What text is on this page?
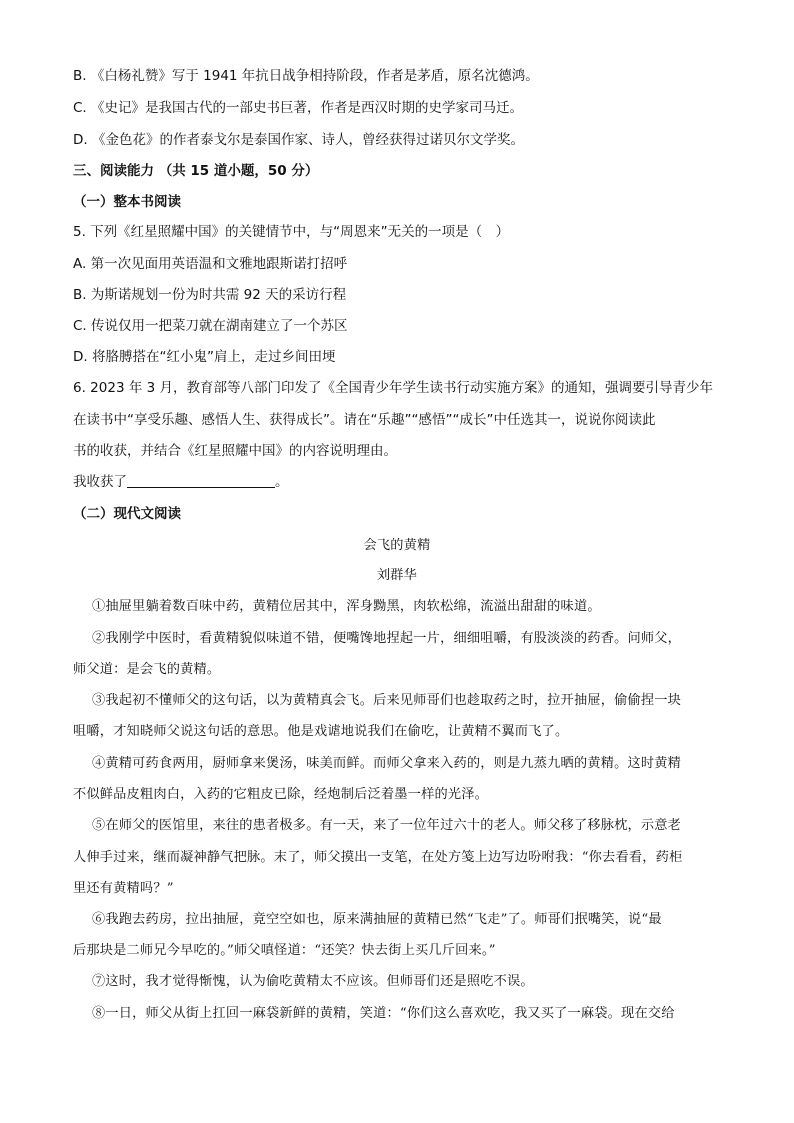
B. 《白杨礼赞》写于 1941 年抗日战争相持阶段，作者是茅盾，原名沈德鸿。
C. 《史记》是我国古代的一部史书巨著，作者是西汉时期的史学家司马迁。
D. 《金色花》的作者泰戈尔是泰国作家、诗人，曾经获得过诺贝尔文学奖。
三、阅读能力 （共 15 道小题，50 分）
（一）整本书阅读
5. 下列《红星照耀中国》的关键情节中，与“周恩来”无关的一项是（　）
A. 第一次见面用英语温和文雅地跟斯诺打招呼
B. 为斯诺规划一份为时共需 92 天的采访行程
C. 传说仅用一把菜刀就在湖南建立了一个苏区
D. 将胳膊搭在“红小鬼”肩上，走过乡间田埂
6. 2023 年 3 月，教育部等八部门印发了《全国青少年学生读书行动实施方案》的通知，强调要引导青少年
在读书中“享受乐趣、感悟人生、获得成长”。请在“乐趣”“感悟”“成长”中任选其一，说说你阅读此
书的收获，并结合《红星照耀中国》的内容说明理由。
我收获了	。
（二）现代文阅读
会飞的黄精
刘群华
①抽屉里躺着数百味中药，黄精位居其中，浑身黝黑，肉软松绵，流溢出甜甜的味道。
②我刚学中医时，看黄精貌似味道不错，便嘴馋地捏起一片，细细咀嚼，有股淡淡的药香。问师父，
师父道：是会飞的黄精。
③我起初不懂师父的这句话，以为黄精真会飞。后来见师哥们也趁取药之时，拉开抽屉，偷偷捏一块
咀嚼，才知晓师父说这句话的意思。他是戏谑地说我们在偷吃，让黄精不翼而飞了。
④黄精可药食两用，厨师拿来煲汤，味美而鲜。而师父拿来入药的，则是九蒸九晒的黄精。这时黄精
不似鲜品皮粗肉白，入药的它粗皮已除，经炮制后泛着墨一样的光泽。
⑤在师父的医馆里，来往的患者极多。有一天，来了一位年过六十的老人。师父移了移脉枕，示意老
人伸手过来，继而凝神静气把脉。末了，师父摸出一支笔，在处方笺上边写边吩咐我：“你去看看，药柜
里还有黄精吗？”
⑥我跑去药房，拉出抽屉，竟空空如也，原来满抽屉的黄精已然“飞走”了。师哥们抿嘴笑，说“最
后那块是二师兄今早吃的。”师父嗔怪道：“还笑？快去街上买几斤回来。”
⑦这时，我才觉得惭愧，认为偷吃黄精太不应该。但师哥们还是照吃不误。
⑧一日，师父从街上扛回一麻袋新鲜的黄精，笑道：“你们这么喜欢吃，我又买了一麻袋。现在交给
